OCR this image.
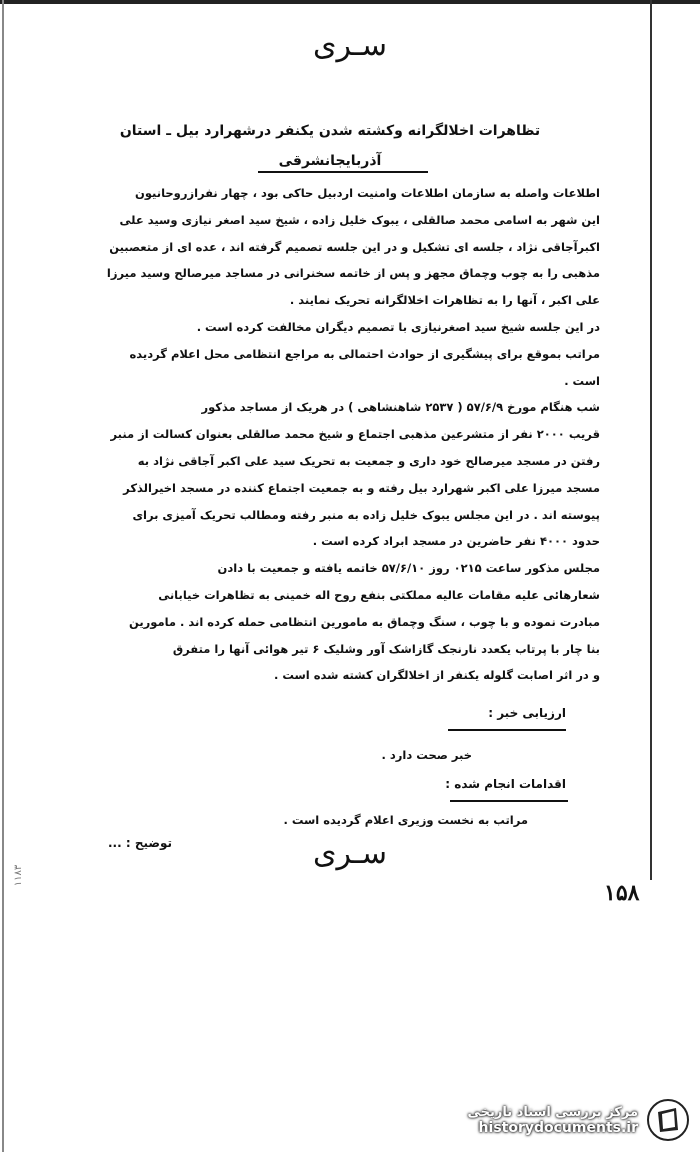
سـرى
تظاهرات اخلالگرانه وکشته شدن یکنفر درشهرارد بیل ـ استان
آذربایجانشرقی

اطلاعات واصله به سازمان اطلاعات وامنیت اردبیل حاکی بود ، چهار نفرازروحانیون

این شهر به اسامی محمد صالقلی ، یبوک خلیل زاده ، شیخ سید اصغر نیازی وسید علی

اکبرآجاقی نژاد ، جلسه ای تشکیل و در این جلسه تصمیم گرفته اند ، عده ای از متعصبین

مذهبی را به چوب وچماق مجهز و پس از خاتمه سخنرانی در مساجد میرصالح وسید میرزا

علی اکبر ، آنها را به تظاهرات اخلالگرانه تحریک نمایند .

در این جلسه شیخ سید اصغرنیازی با تصمیم دیگران مخالفت کرده است .

مراتب بموقع برای پیشگیری از حوادث احتمالی به مراجع انتظامی محل اعلام گردیده

است .

شب هنگام مورخ ۵۷/۶/۹ ( ۲۵۳۷ شاهنشاهی ) در هریک از مساجد مذکور

قریب ۲۰۰۰ نفر از متشرعین مذهبی اجتماع و شیخ محمد صالقلی بعنوان کسالت از منبر

رفتن در مسجد میرصالح خود داری و جمعیت به تحریک سید علی اکبر آجاقی نژاد به

مسجد میرزا علی اکبر شهرارد بیل رفته و به جمعیت اجتماع کننده در مسجد اخیرالذکر

پیوسته اند . در این مجلس یبوک خلیل زاده به منبر رفته ومطالب تحریک آمیزی برای

حدود ۴۰۰۰ نفر حاضرین در مسجد ابراد کرده است .

مجلس مذکور ساعت ۰۲۱۵ روز ۵۷/۶/۱۰ خاتمه یافته و جمعیت با دادن

شعارهائی علیه مقامات عالیه مملکتی بنفع روح اله خمینی به تظاهرات خیابانی

مبادرت نموده و با چوب ، سنگ وچماق به مامورین انتظامی حمله کرده اند . مامورین

بنا چار با پرتاب یکعدد نارنجک گازاشک آور وشلیک ۶ تیر هوائی آنها را متفرق

و در اثر اصابت گلوله یکنفر از اخلالگران کشته شده است .

ارزیابی خبر :
خبر صحت دارد .
اقدامات انجام شده :
مراتب به نخست وزیری اعلام گردیده است .
توضیح : ...	سـرى
۱۵۸
۱۱۸۳
مرکز بررسی اسناد تاریخی
historydocuments.ir
